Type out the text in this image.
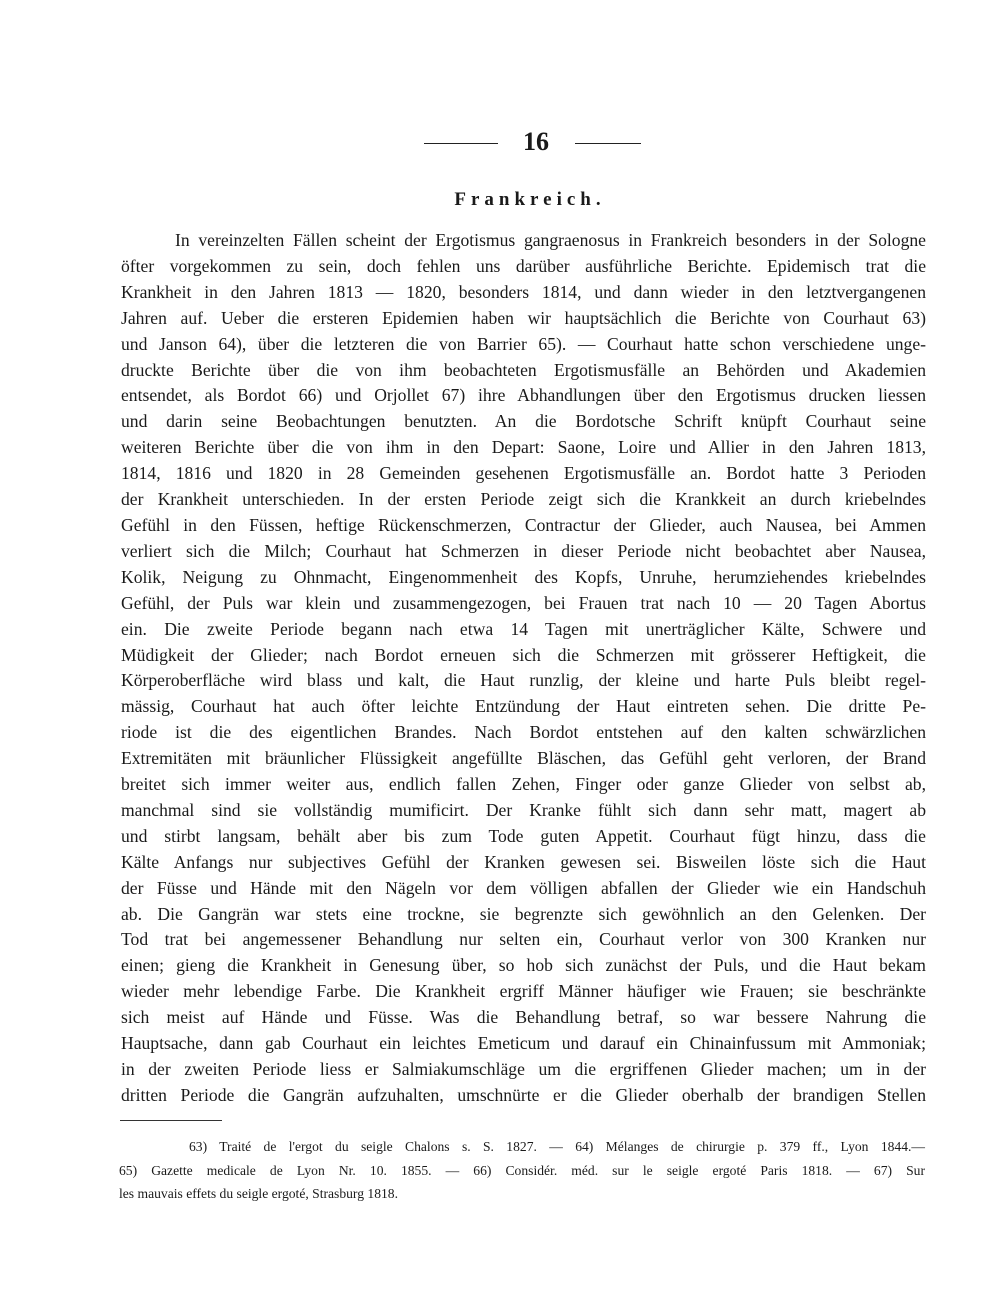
16
Frankreich.
In vereinzelten Fällen scheint der Ergotismus gangraenosus in Frankreich besonders in der Sologne
öfter vorgekommen zu sein, doch fehlen uns darüber ausführliche Berichte. Epidemisch trat die
Krankheit in den Jahren 1813 — 1820, besonders 1814, und dann wieder in den letztvergangenen
Jahren auf. Ueber die ersteren Epidemien haben wir hauptsächlich die Berichte von Courhaut 63)
und Janson 64), über die letzteren die von Barrier 65). — Courhaut hatte schon verschiedene unge-
druckte Berichte über die von ihm beobachteten Ergotismusfälle an Behörden und Akademien
entsendet, als Bordot 66) und Orjollet 67) ihre Abhandlungen über den Ergotismus drucken liessen
und darin seine Beobachtungen benutzten. An die Bordotsche Schrift knüpft Courhaut seine
weiteren Berichte über die von ihm in den Depart: Saone, Loire und Allier in den Jahren 1813,
1814, 1816 und 1820 in 28 Gemeinden gesehenen Ergotismusfälle an. Bordot hatte 3 Perioden
der Krankheit unterschieden. In der ersten Periode zeigt sich die Krankkeit an durch kriebelndes
Gefühl in den Füssen, heftige Rückenschmerzen, Contractur der Glieder, auch Nausea, bei Ammen
verliert sich die Milch; Courhaut hat Schmerzen in dieser Periode nicht beobachtet aber Nausea,
Kolik, Neigung zu Ohnmacht, Eingenommenheit des Kopfs, Unruhe, herumziehendes kriebelndes
Gefühl, der Puls war klein und zusammengezogen, bei Frauen trat nach 10 — 20 Tagen Abortus
ein. Die zweite Periode begann nach etwa 14 Tagen mit unerträglicher Kälte, Schwere und
Müdigkeit der Glieder; nach Bordot erneuen sich die Schmerzen mit grösserer Heftigkeit, die
Körperoberfläche wird blass und kalt, die Haut runzlig, der kleine und harte Puls bleibt regel-
mässig, Courhaut hat auch öfter leichte Entzündung der Haut eintreten sehen. Die dritte Pe-
riode ist die des eigentlichen Brandes. Nach Bordot entstehen auf den kalten schwärzlichen
Extremitäten mit bräunlicher Flüssigkeit angefüllte Bläschen, das Gefühl geht verloren, der Brand
breitet sich immer weiter aus, endlich fallen Zehen, Finger oder ganze Glieder von selbst ab,
manchmal sind sie vollständig mumificirt. Der Kranke fühlt sich dann sehr matt, magert ab
und stirbt langsam, behält aber bis zum Tode guten Appetit. Courhaut fügt hinzu, dass die
Kälte Anfangs nur subjectives Gefühl der Kranken gewesen sei. Bisweilen löste sich die Haut
der Füsse und Hände mit den Nägeln vor dem völligen abfallen der Glieder wie ein Handschuh
ab. Die Gangrän war stets eine trockne, sie begrenzte sich gewöhnlich an den Gelenken. Der
Tod trat bei angemessener Behandlung nur selten ein, Courhaut verlor von 300 Kranken nur
einen; gieng die Krankheit in Genesung über, so hob sich zunächst der Puls, und die Haut bekam
wieder mehr lebendige Farbe. Die Krankheit ergriff Männer häufiger wie Frauen; sie beschränkte
sich meist auf Hände und Füsse. Was die Behandlung betraf, so war bessere Nahrung die
Hauptsache, dann gab Courhaut ein leichtes Emeticum und darauf ein Chinainfussum mit Ammoniak;
in der zweiten Periode liess er Salmiakumschläge um die ergriffenen Glieder machen; um in der
dritten Periode die Gangrän aufzuhalten, umschnürte er die Glieder oberhalb der brandigen Stellen
63) Traité de l'ergot du seigle Chalons s. S. 1827. — 64) Mélanges de chirurgie p. 379 ff., Lyon 1844.—
65) Gazette medicale de Lyon Nr. 10. 1855. — 66) Considér. méd. sur le seigle ergoté Paris 1818. — 67) Sur
les mauvais effets du seigle ergoté, Strasburg 1818.
